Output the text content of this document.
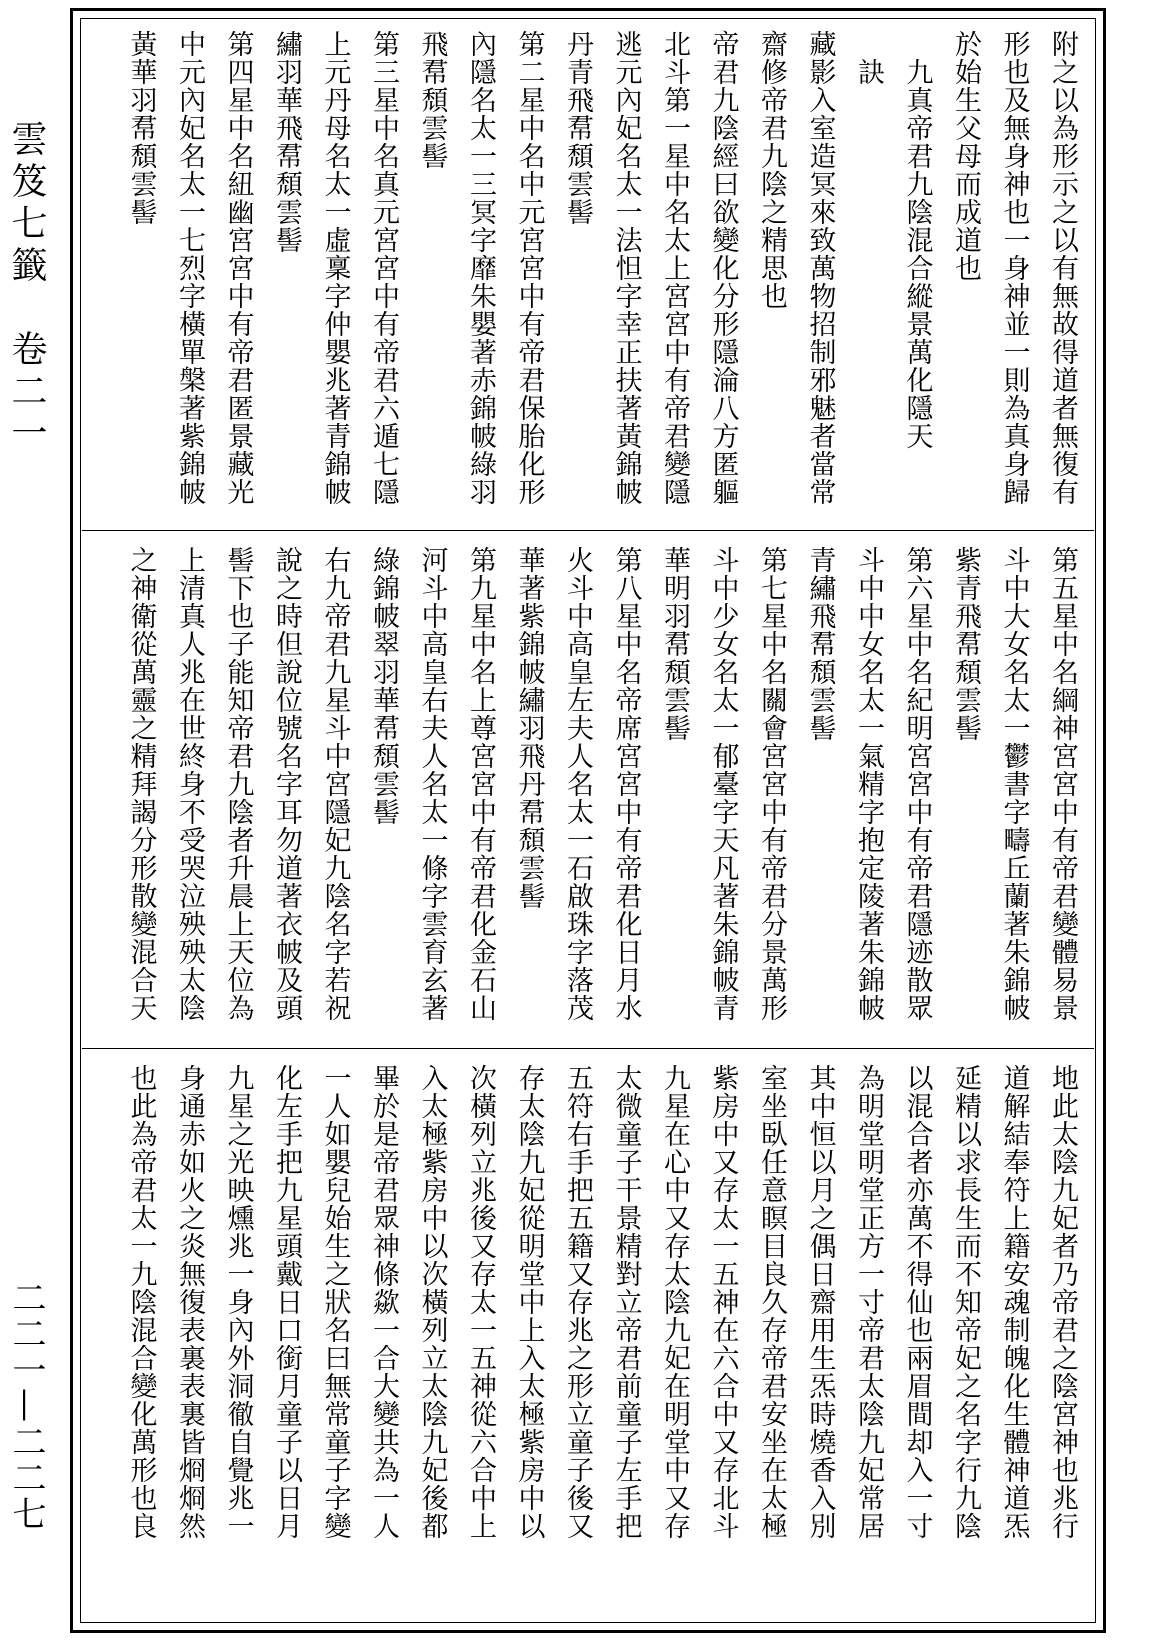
雲笈七籤　卷二一
二二一—二二七
附之以為形示之以有無故得道者無復有
形也及無身神也一身神並一則為真身歸
於始生父母而成道也
　九真帝君九陰混合縱景萬化隱天
　訣
藏影入室造冥來致萬物招制邪魅者當常
齋修帝君九陰之精思也
帝君九陰經曰欲變化分形隱淪八方匿軀
北斗第一星中名太上宮宮中有帝君變隱
逃元內妃名太一法怛字幸正扶著黃錦帔
丹青飛帬頹雲髻
第二星中名中元宮宮中有帝君保胎化形
內隱名太一三冥字靡朱嬰著赤錦帔綠羽
飛帬頹雲髻
第三星中名真元宮宮中有帝君六遁七隱
上元丹母名太一虛稟字仲嬰兆著青錦帔
繡羽華飛帬頹雲髻
第四星中名紐幽宮宮中有帝君匿景藏光
中元內妃名太一七烈字橫單槃著紫錦帔
黃華羽帬頹雲髻
第五星中名綱神宮宮中有帝君變體易景
斗中大女名太一鬱書字疇丘蘭著朱錦帔
紫青飛帬頹雲髻
第六星中名紀明宮宮中有帝君隱迹散眾
斗中中女名太一氣精字抱定陵著朱錦帔
青繡飛帬頹雲髻
第七星中名關會宮宮中有帝君分景萬形
斗中少女名太一郁臺字天凡著朱錦帔青
華明羽帬頹雲髻
第八星中名帝席宮宮中有帝君化日月水
火斗中高皇左夫人名太一石啟珠字落茂
華著紫錦帔繡羽飛丹帬頹雲髻
第九星中名上尊宮宮中有帝君化金石山
河斗中高皇右夫人名太一條字雲育玄著
綠錦帔翠羽華帬頹雲髻
右九帝君九星斗中宮隱妃九陰名字若祝
說之時但說位號名字耳勿道著衣帔及頭
髻下也子能知帝君九陰者升晨上天位為
上清真人兆在世終身不受哭泣殃殃太陰
之神衛從萬靈之精拜謁分形散變混合天
地此太陰九妃者乃帝君之陰宮神也兆行
道解結奉符上籍安魂制魄化生體神道炁
延精以求長生而不知帝妃之名字行九陰
以混合者亦萬不得仙也兩眉間却入一寸
為明堂明堂正方一寸帝君太陰九妃常居
其中恒以月之偶日齋用生炁時燒香入別
室坐臥任意瞑目良久存帝君安坐在太極
紫房中又存太一五神在六合中又存北斗
九星在心中又存太陰九妃在明堂中又存
太微童子干景精對立帝君前童子左手把
五符右手把五籍又存兆之形立童子後又
存太陰九妃從明堂中上入太極紫房中以
次橫列立兆後又存太一五神從六合中上
入太極紫房中以次橫列立太陰九妃後都
畢於是帝君眾神條歘一合大變共為一人
一人如嬰兒始生之狀名曰無常童子字變
化左手把九星頭戴日口銜月童子以日月
九星之光映燻兆一身內外洞徹自覺兆一
身通赤如火之炎無復表裏表裏皆烱烱然
也此為帝君太一九陰混合變化萬形也良
